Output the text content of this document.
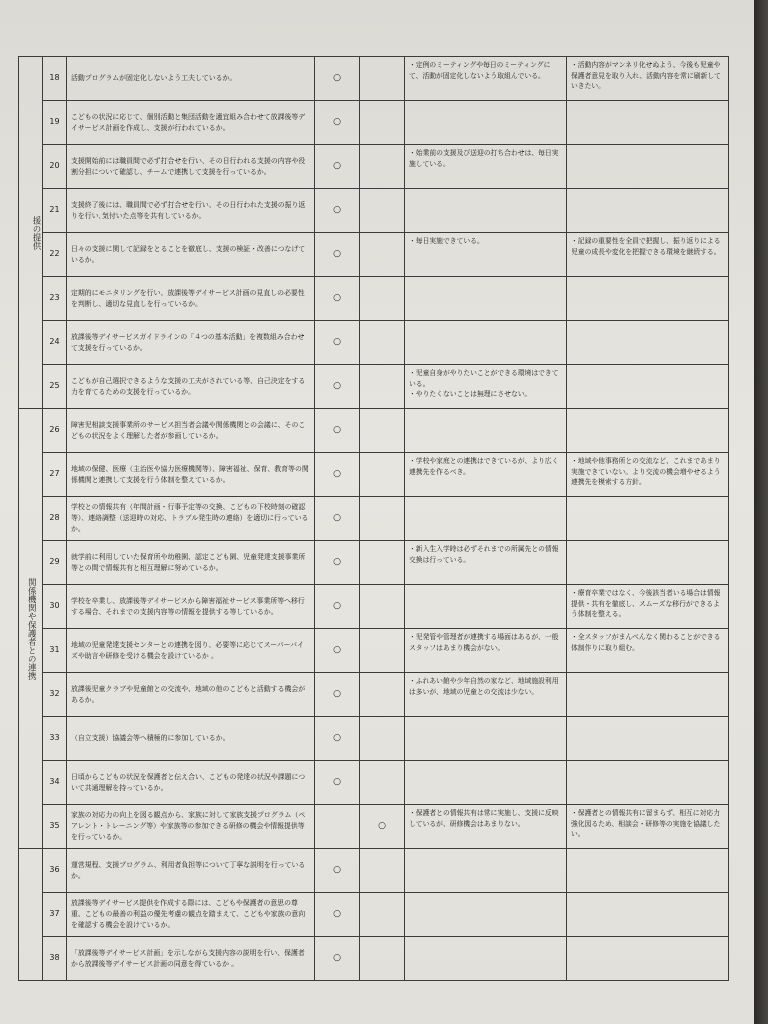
援の提供	18	活動プログラムが固定化しないよう工夫しているか。	○		・定例のミーティングや毎日のミーティングにて、活動が固定化しないよう取組んでいる。	・活動内容がマンネリ化せぬよう、今後も児童や保護者意見を取り入れ、活動内容を常に刷新していきたい。
	19	こどもの状況に応じて、個別活動と集団活動を適宜組み合わせて放課後等デイサービス計画を作成し、支援が行われているか。	○			
	20	支援開始前には職員間で必ず打合せを行い、その日行われる支援の内容や役割分担について確認し、チームで連携して支援を行っているか。	○		・始業前の支援及び送迎の打ち合わせは、毎日実施している。	
	21	支援終了後には、職員間で必ず打合せを行い、その日行われた支援の振り返りを行い､気付いた点等を共有しているか。	○			
	22	日々の支援に関して記録をとることを徹底し、支援の検証・改善につなげているか。	○		・毎日実施できている。	・記録の重要性を全員で把握し、振り返りによる児童の成長や変化を把握できる環境を継続する。
	23	定期的にモニタリングを行い、放課後等デイサービス計画の見直しの必要性を判断し、適切な見直しを行っているか。	○			
	24	放課後等デイサービスガイドラインの「４つの基本活動」を複数組み合わせて支援を行っているか。	○			
	25	こどもが自己選択できるような支援の工夫がされている等、自己決定をする力を育てるための支援を行っているか。	○		・児童自身がやりたいことができる環境はできている。
・やりたくないことは無理にさせない。	
関係機関や保護者との連携	26	障害児相談支援事業所のサービス担当者会議や関係機関との会議に、そのこどもの状況をよく理解した者が参画しているか。	○			
	27	地域の保健、医療（主治医や協力医療機関等）、障害福祉、保育、教育等の関係機関と連携して支援を行う体制を整えているか。	○		・学校や家庭との連携はできているが、より広く連携先を作るべき。	・地域や他事務所との交流など、これまであまり実施できていない。より交流の機会増やせるよう連携先を模索する方針。
	28	学校との情報共有（年間計画・行事予定等の交換、こどもの下校時刻の確認等）、連絡調整（送迎時の対応、トラブル発生時の連絡）を適切に行っているか。	○			
	29	就学前に利用していた保育所や幼稚園、認定こども園、児童発達支援事業所等との間で情報共有と相互理解に努めているか。	○		・新入生入学時は必ずそれまでの所属先との情報交換は行っている。	
	30	学校を卒業し、放課後等デイサービスから障害福祉サービス事業所等へ移行する場合、それまでの支援内容等の情報を提供する等しているか。	○			・療育卒業ではなく、今後該当者いる場合は情報提供・共有を徹底し、スムーズな移行ができるよう体制を整える。
	31	地域の児童発達支援センターとの連携を図り、必要等に応じてスーパーバイズや助言や研修を受ける機会を設けているか 。	○		・児発管や管理者が連携する場面はあるが、一般スタッフはあまり機会がない。	・全スタッフがまんべんなく関わることができる体制作りに取り組む。
	32	放課後児童クラブや児童館との交流や、地域の他のこどもと活動する機会があるか。	○		・ふれあい館や少年自然の家など、地域施設利用は多いが、地域の児童との交流は少ない。	
	33	（自立支援）協議会等へ積極的に参加しているか。	○			
	34	日頃からこどもの状況を保護者と伝え合い、こどもの発達の状況や課題について共通理解を持っているか。	○			
	35	家族の対応力の向上を図る観点から、家族に対して家族支援プログラム（ペアレント・トレーニング等）や家族等の参加できる研修の機会や情報提供等を行っているか。		○	・保護者との情報共有は常に実施し、支援に反映しているが、研修機会はあまりない。	・保護者との情報共有に留まらず、相互に対応力強化図るため、相談会・研修等の実施を協議したい。
	36	運営規程、支援プログラム、利用者負担等について丁寧な説明を行っているか。	○			
	37	放課後等デイサービス提供を作成する際には、こどもや保護者の意思の尊重、こどもの最善の利益の優先考慮の観点を踏まえて、こどもや家族の意向を確認する機会を設けているか。	○			
	38	「放課後等デイサービス計画」を示しながら支援内容の説明を行い、保護者から放課後等デイサービス計画の同意を得ているか 。	○			
